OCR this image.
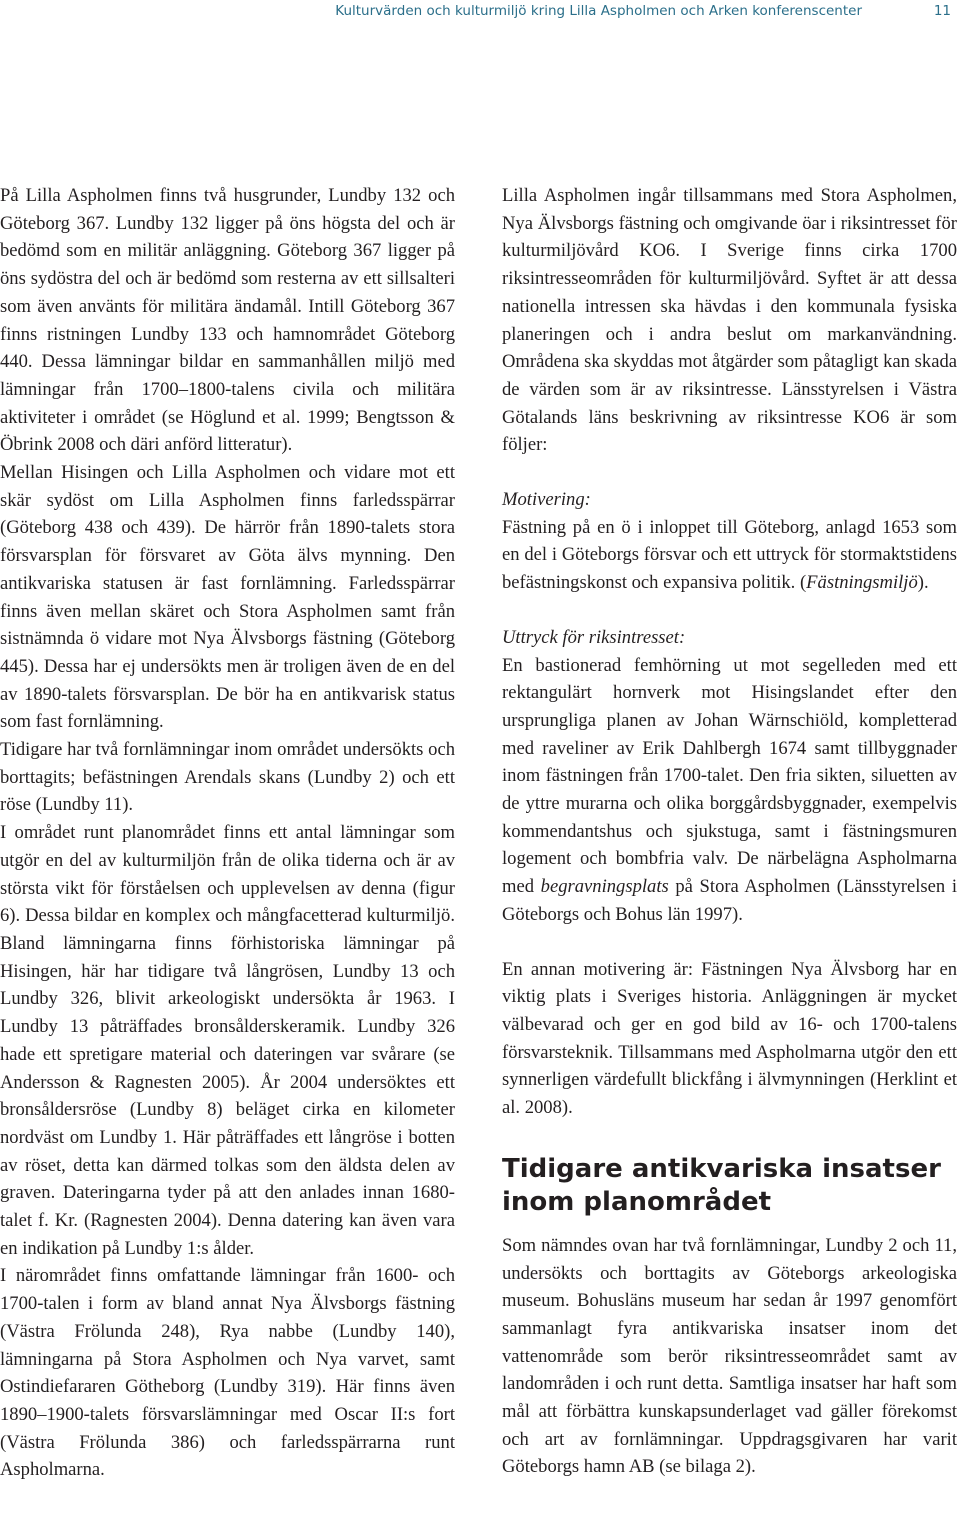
Kulturvärden och kulturmiljö kring Lilla Aspholmen och Arken konferenscenter	11

På Lilla Aspholmen finns två husgrunder, Lundby 132 och Göteborg 367. Lundby 132 ligger på öns högsta del och är bedömd som en militär anläggning. Göteborg 367 ligger på öns sydöstra del och är bedömd som resterna av ett sillsalteri som även använts för militära ändamål. Intill Göteborg 367 finns ristningen Lundby 133 och hamnområdet Göteborg 440. Dessa lämningar bildar en sammanhållen miljö med lämningar från 1700–1800-talens civila och militära aktiviteter i området (se Höglund et al. 1999; Bengtsson & Öbrink 2008 och däri anförd litteratur).

Mellan Hisingen och Lilla Aspholmen och vidare mot ett skär sydöst om Lilla Aspholmen finns farledsspärrar (Göteborg 438 och 439). De härrör från 1890-talets stora försvarsplan för försvaret av Göta älvs mynning. Den antikvariska statusen är fast fornlämning. Farledsspärrar finns även mellan skäret och Stora Aspholmen samt från sistnämnda ö vidare mot Nya Älvsborgs fästning (Göteborg 445). Dessa har ej undersökts men är troligen även de en del av 1890-talets försvarsplan. De bör ha en antikvarisk status som fast fornlämning.

Tidigare har två fornlämningar inom området undersökts och borttagits; befästningen Arendals skans (Lundby 2) och ett röse (Lundby 11).

I området runt planområdet finns ett antal lämningar som utgör en del av kulturmiljön från de olika tiderna och är av största vikt för förståelsen och upplevelsen av denna (figur 6). Dessa bildar en komplex och mångfacetterad kulturmiljö. Bland lämningarna finns förhistoriska lämningar på Hisingen, här har tidigare två långrösen, Lundby 13 och Lundby 326, blivit arkeologiskt undersökta år 1963. I Lundby 13 påträffades bronsålderskeramik. Lundby 326 hade ett spretigare material och dateringen var svårare (se Andersson & Ragnesten 2005). År 2004 undersöktes ett bronsåldersröse (Lundby 8) beläget cirka en kilometer nordväst om Lundby 1. Här påträffades ett långröse i botten av röset, detta kan därmed tolkas som den äldsta delen av graven. Dateringarna tyder på att den anlades innan 1680-talet f. Kr. (Ragnesten 2004). Denna datering kan även vara en indikation på Lundby 1:s ålder.

I närområdet finns omfattande lämningar från 1600- och 1700-talen i form av bland annat Nya Älvsborgs fästning (Västra Frölunda 248), Rya nabbe (Lundby 140), lämningarna på Stora Aspholmen och Nya varvet, samt Ostindiefararen Götheborg (Lundby 319). Här finns även 1890–1900-talets försvarslämningar med Oscar II:s fort (Västra Frölunda 386) och farledsspärrarna runt Aspholmarna.

Lilla Aspholmen ingår tillsammans med Stora Aspholmen, Nya Älvsborgs fästning och omgivande öar i riksintresset för kulturmiljövård KO6. I Sverige finns cirka 1700 riksintresseområden för kulturmiljövård. Syftet är att dessa nationella intressen ska hävdas i den kommunala fysiska planeringen och i andra beslut om markanvändning. Områdena ska skyddas mot åtgärder som påtagligt kan skada de värden som är av riksintresse. Länsstyrelsen i Västra Götalands läns beskrivning av riksintresse KO6 är som följer:

Motivering:

Fästning på en ö i inloppet till Göteborg, anlagd 1653 som en del i Göteborgs försvar och ett uttryck för stormaktstidens befästningskonst och expansiva politik. (Fästningsmiljö).

Uttryck för riksintresset:

En bastionerad femhörning ut mot segelleden med ett rektangulärt hornverk mot Hisingslandet efter den ursprungliga planen av Johan Wärnschiöld, kompletterad med raveliner av Erik Dahlbergh 1674 samt tillbyggnader inom fästningen från 1700-talet. Den fria sikten, siluetten av de yttre murarna och olika borggårdsbyggnader, exempelvis kommendantshus och sjukstuga, samt i fästningsmuren logement och bombfria valv. De närbelägna Aspholmarna med begravningsplats på Stora Aspholmen (Länsstyrelsen i Göteborgs och Bohus län 1997).

En annan motivering är: Fästningen Nya Älvsborg har en viktig plats i Sveriges historia. Anläggningen är mycket välbevarad och ger en god bild av 16- och 1700-talens försvarsteknik. Tillsammans med Aspholmarna utgör den ett synnerligen värdefullt blickfång i älvmynningen (Herklint et al. 2008).

Tidigare antikvariska insatser inom planområdet

Som nämndes ovan har två fornlämningar, Lundby 2 och 11, undersökts och borttagits av Göteborgs arkeologiska museum. Bohusläns museum har sedan år 1997 genomfört sammanlagt fyra antikvariska insatser inom det vattenområde som berör riksintresseområdet samt av landområden i och runt detta. Samtliga insatser har haft som mål att förbättra kunskapsunderlaget vad gäller förekomst och art av fornlämningar. Uppdragsgivaren har varit Göteborgs hamn AB (se bilaga 2).
